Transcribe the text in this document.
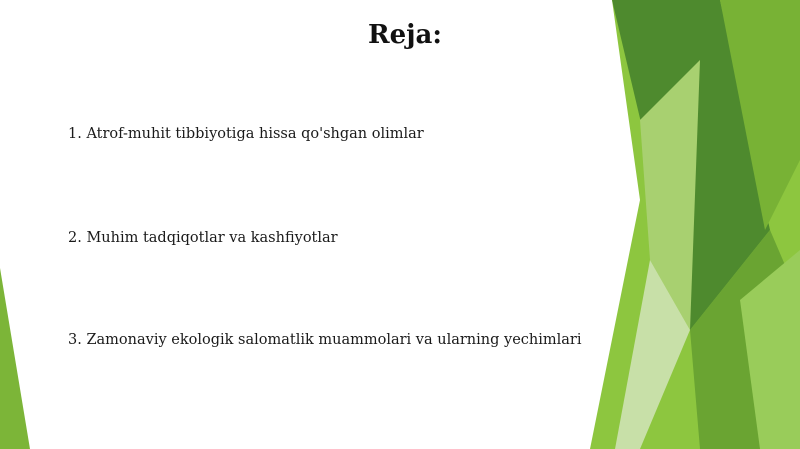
Reja:
1. Atrof-muhit tibbiyotiga hissa qo'shgan olimlar
2. Muhim tadqiqotlar va kashfiyotlar
3. Zamonaviy ekologik salomatlik muammolari va ularning yechimlari
